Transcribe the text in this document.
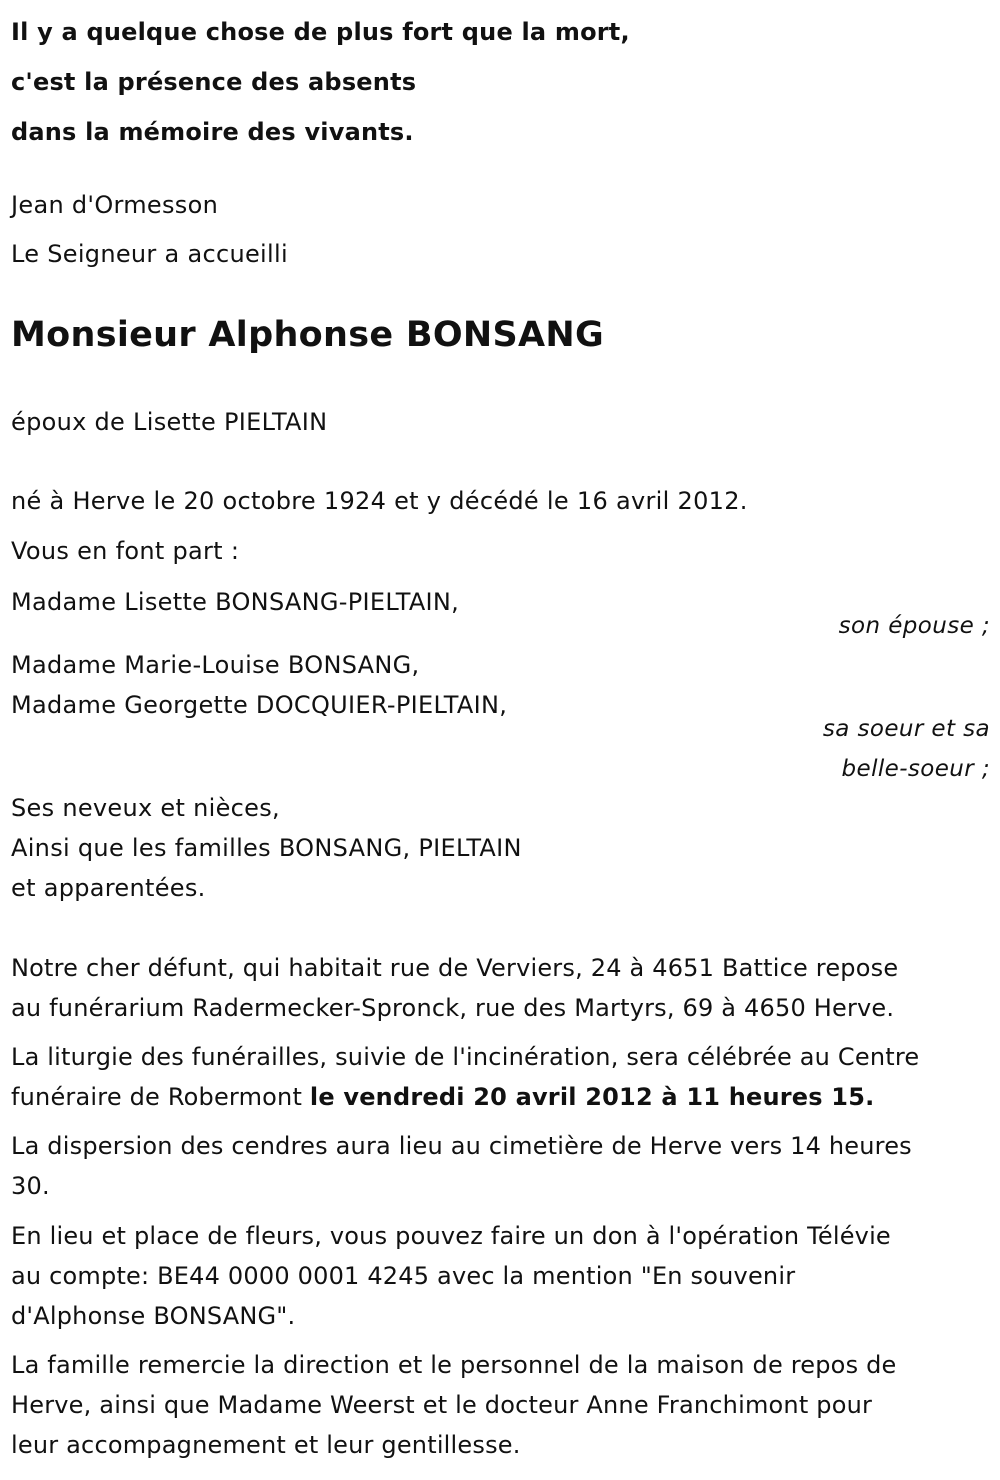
Il y a quelque chose de plus fort que la mort,
c'est la présence des absents
dans la mémoire des vivants.
Jean d'Ormesson
Le Seigneur a accueilli
Monsieur Alphonse BONSANG
époux de Lisette PIELTAIN
né à Herve le 20 octobre 1924 et y décédé le 16 avril 2012.
Vous en font part :
Madame Lisette BONSANG-PIELTAIN,
son épouse ;
Madame Marie-Louise BONSANG,
Madame Georgette DOCQUIER-PIELTAIN,
sa soeur et sa
belle-soeur ;
Ses neveux et nièces,
Ainsi que les familles BONSANG, PIELTAIN
et apparentées.
Notre cher défunt, qui habitait rue de Verviers, 24 à 4651 Battice repose
au funérarium Radermecker-Spronck, rue des Martyrs, 69 à 4650 Herve.
La liturgie des funérailles, suivie de l'incinération, sera célébrée au Centre
funéraire de Robermont le vendredi 20 avril 2012 à 11 heures 15.
La dispersion des cendres aura lieu au cimetière de Herve vers 14 heures
30.
En lieu et place de fleurs, vous pouvez faire un don à l'opération Télévie
au compte: BE44 0000 0001 4245 avec la mention "En souvenir
d'Alphonse BONSANG".
La famille remercie la direction et le personnel de la maison de repos de
Herve, ainsi que Madame Weerst et le docteur Anne Franchimont pour
leur accompagnement et leur gentillesse.
